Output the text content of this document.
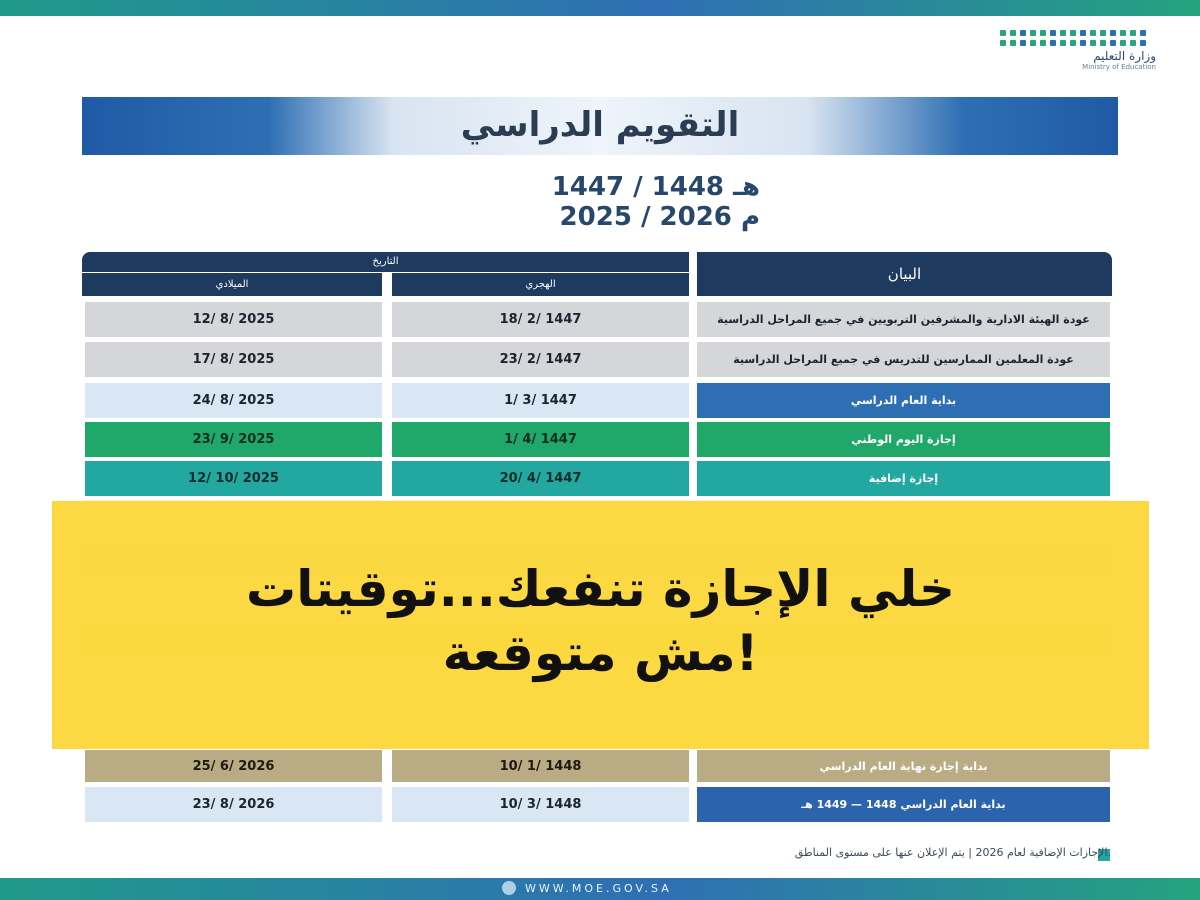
وزارة التعليم
Ministry of Education
التقويم الدراسي
1447 / 1448 هـ
2025 / 2026 م
البيان
التاريخ
الهجري
الميلادي
عودة الهيئة الادارية والمشرفين التربويين في جميع المراحل الدراسية
18/ 2/ 1447
12/ 8/ 2025
عودة المعلمين الممارسين للتدريس في جميع المراحل الدراسية
23/ 2/ 1447
17/ 8/ 2025
بداية العام الدراسي
1/ 3/ 1447
24/ 8/ 2025
إجازة اليوم الوطني
1/ 4/ 1447
23/ 9/ 2025
إجازة إضافية
20/ 4/ 1447
12/ 10/ 2025
بداية إجازة نهاية العام الدراسي
10/ 1/ 1448
25/ 6/ 2026
بداية العام الدراسي 1448 — 1449 هـ
10/ 3/ 1448
23/ 8/ 2026
الإجازات الإضافية لعام 2026 | يتم الإعلان عنها على مستوى المناطق.
WWW.MOE.GOV.SA
خلي الإجازة تنفعك...توقيتات
مش متوقعة!
